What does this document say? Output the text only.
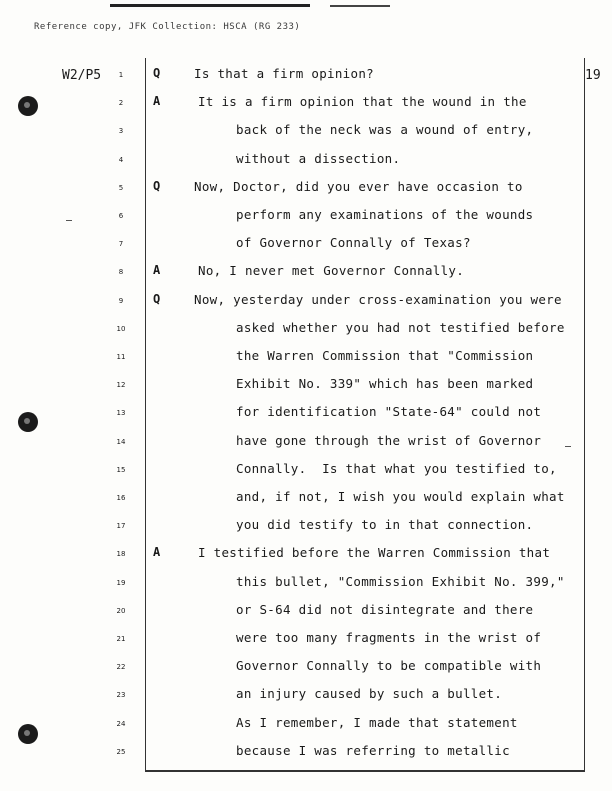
Reference copy, JFK Collection: HSCA (RG 233)
W2/P5	19
1	Q	Is that a firm opinion?
2	A	It is a firm opinion that the wound in the
3	back of the neck was a wound of entry,
4	without a dissection.
5	Q	Now, Doctor, did you ever have occasion to
6	perform any examinations of the wounds
7	of Governor Connally of Texas?
8	A	No, I never met Governor Connally.
9	Q	Now, yesterday under cross-examination you were
10	asked whether you had not testified before
11	the Warren Commission that "Commission
12	Exhibit No. 339" which has been marked
13	for identification "State-64" could not
14	have gone through the wrist of Governor
15	Connally.  Is that what you testified to,
16	and, if not, I wish you would explain what
17	you did testify to in that connection.
18	A	I testified before the Warren Commission that
19	this bullet, "Commission Exhibit No. 399,"
20	or S-64 did not disintegrate and there
21	were too many fragments in the wrist of
22	Governor Connally to be compatible with
23	an injury caused by such a bullet.
24	As I remember, I made that statement
25	because I was referring to metallic
